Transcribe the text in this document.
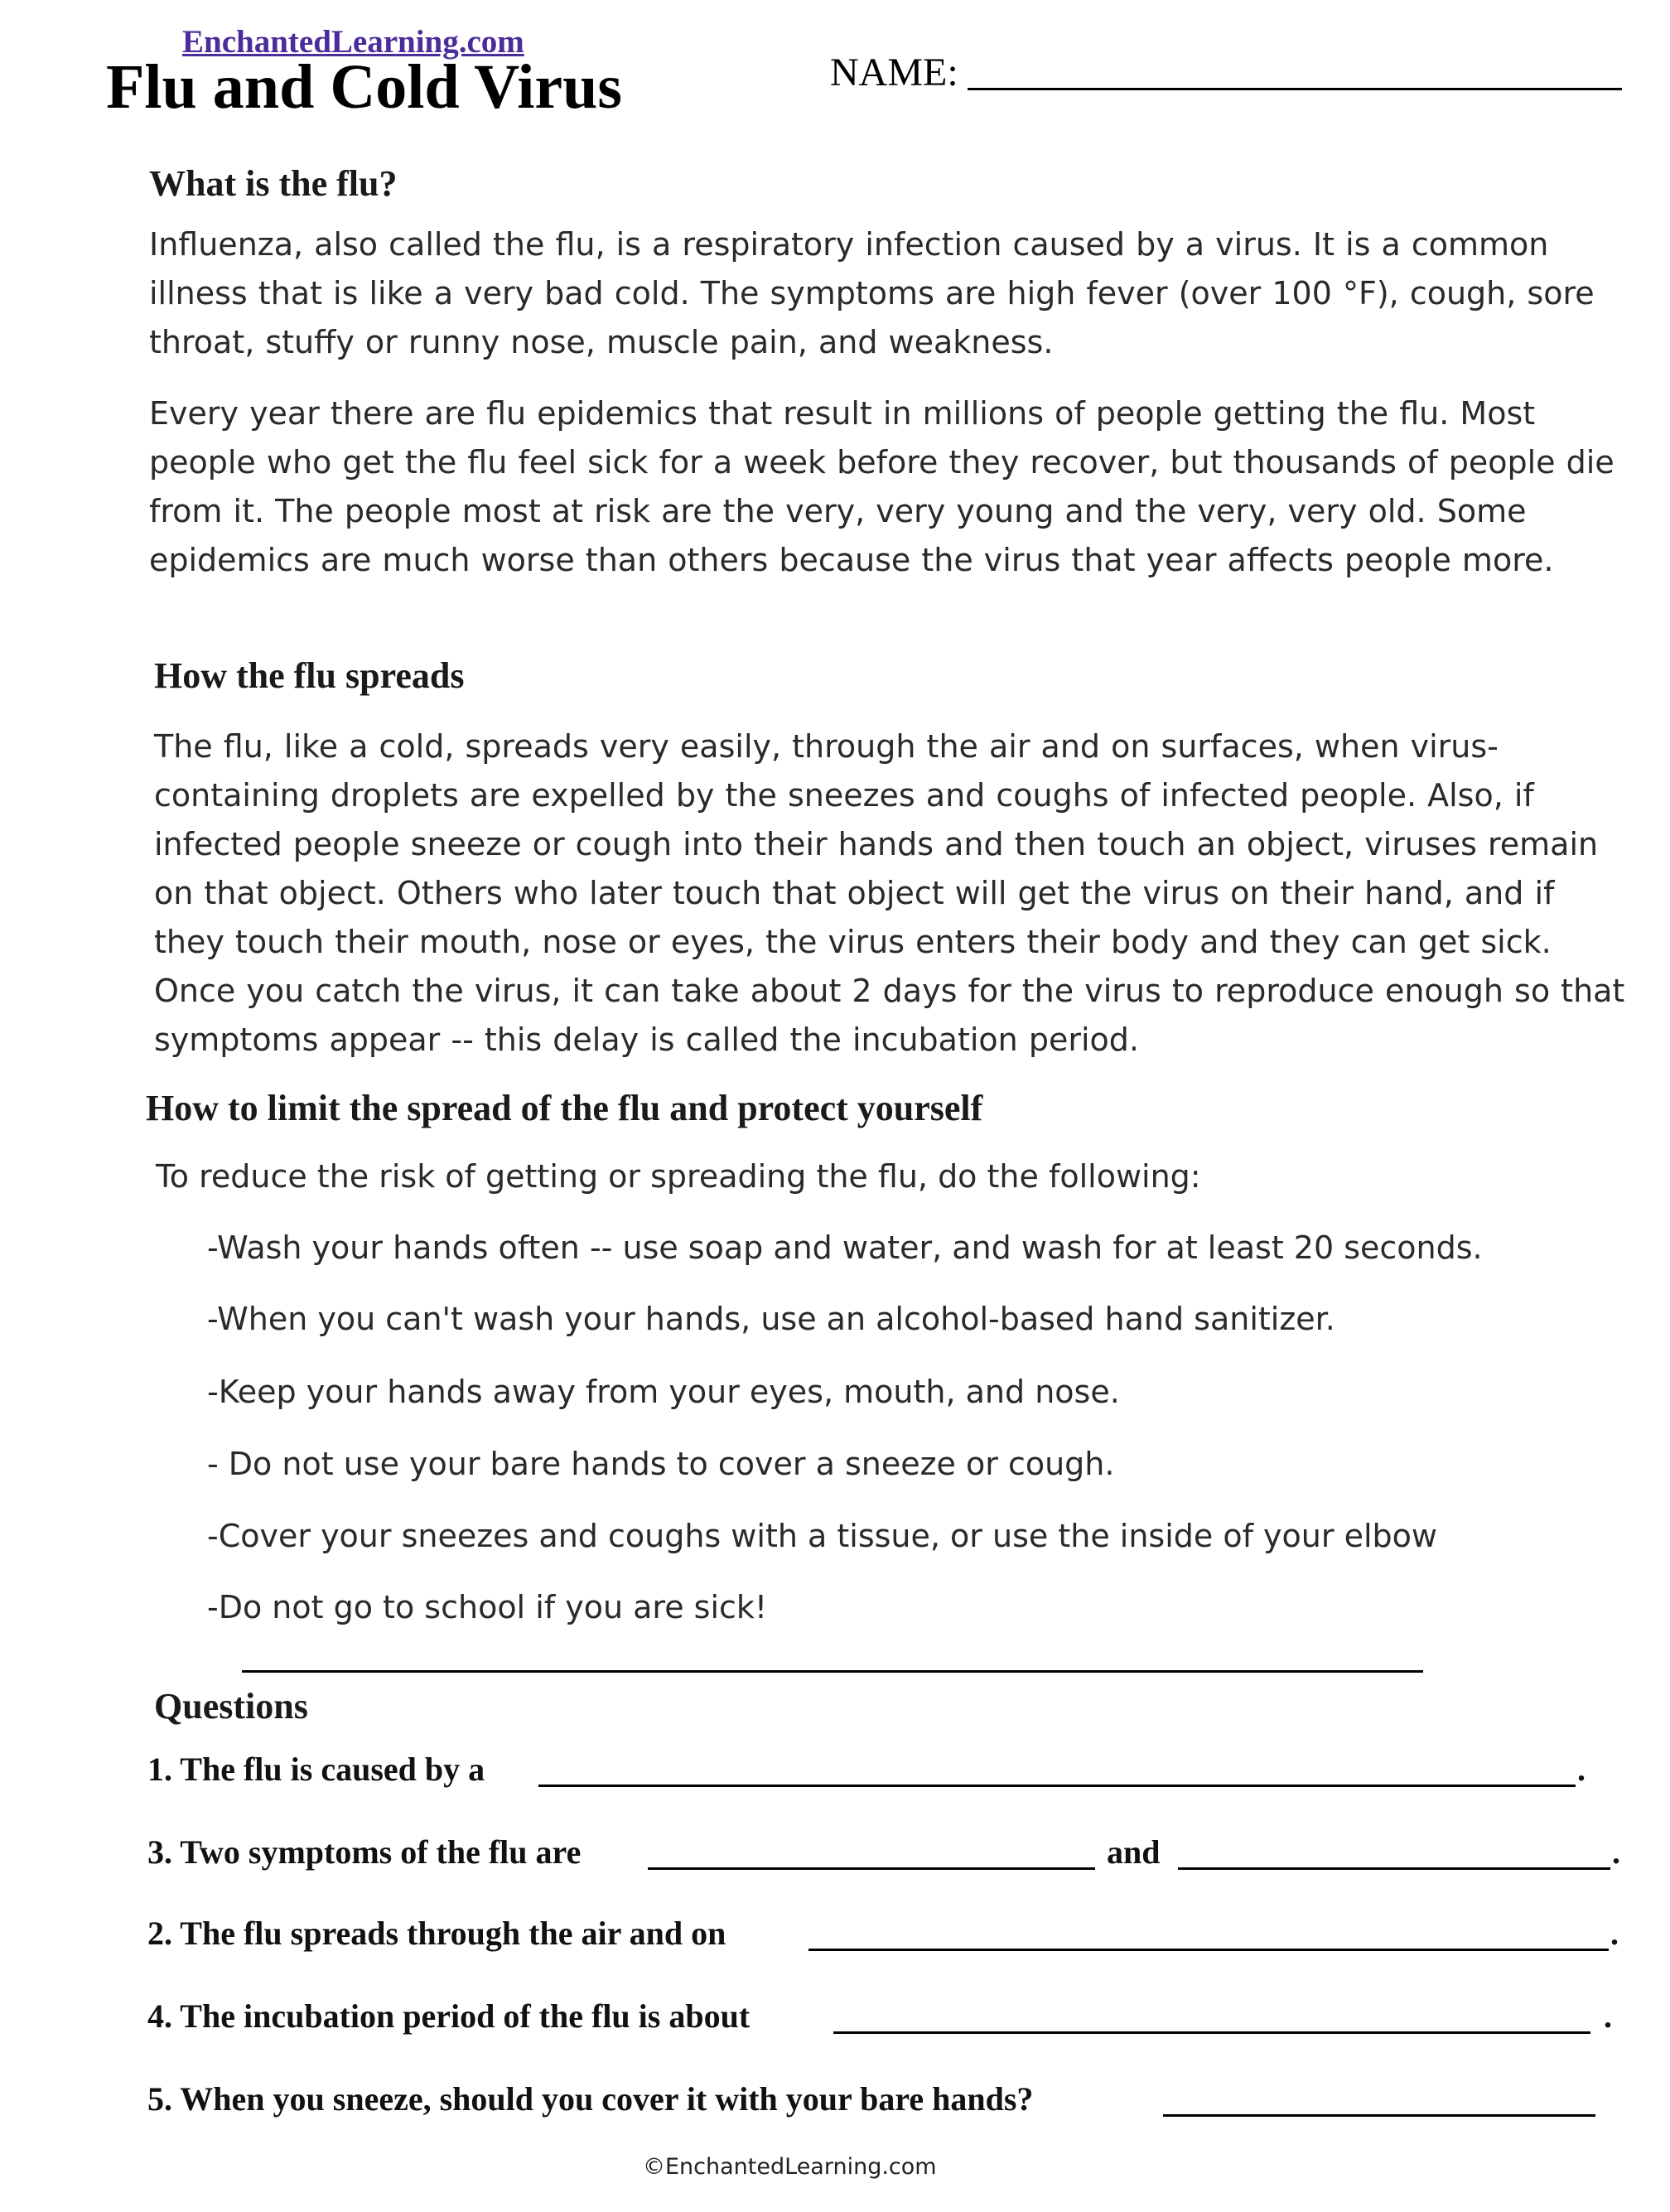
EnchantedLearning.com
Flu and Cold Virus	NAME:
What is the flu?
Influenza, also called the flu, is a respiratory infection caused by a virus. It is a common illness that is like a very bad cold. The symptoms are high fever (over 100 °F), cough, sore throat, stuffy or runny nose, muscle pain, and weakness.
Every year there are flu epidemics that result in millions of people getting the flu. Most people who get the flu feel sick for a week before they recover, but thousands of people die from it. The people most at risk are the very, very young and the very, very old. Some epidemics are much worse than others because the virus that year affects people more.
How the flu spreads
The flu, like a cold, spreads very easily, through the air and on surfaces, when virus-containing droplets are expelled by the sneezes and coughs of infected people. Also, if infected people sneeze or cough into their hands and then touch an object, viruses remain on that object. Others who later touch that object will get the virus on their hand, and if they touch their mouth, nose or eyes, the virus enters their body and they can get sick. Once you catch the virus, it can take about 2 days for the virus to reproduce enough so that symptoms appear -- this delay is called the incubation period.
How to limit the spread of the flu and protect yourself
To reduce the risk of getting or spreading the flu, do the following:
-Wash your hands often -- use soap and water, and wash for at least 20 seconds.
-When you can't wash your hands, use an alcohol-based hand sanitizer.
-Keep your hands away from your eyes, mouth, and nose.
- Do not use your bare hands to cover a sneeze or cough.
-Cover your sneezes and coughs with a tissue, or use the inside of your elbow
-Do not go to school if you are sick!
Questions
1. The flu is caused by a	.
3. Two symptoms of the flu are	and	.
2. The flu spreads through the air and on	.
4. The incubation period of the flu is about	.
5. When you sneeze, should you cover it with your bare hands?
©EnchantedLearning.com
